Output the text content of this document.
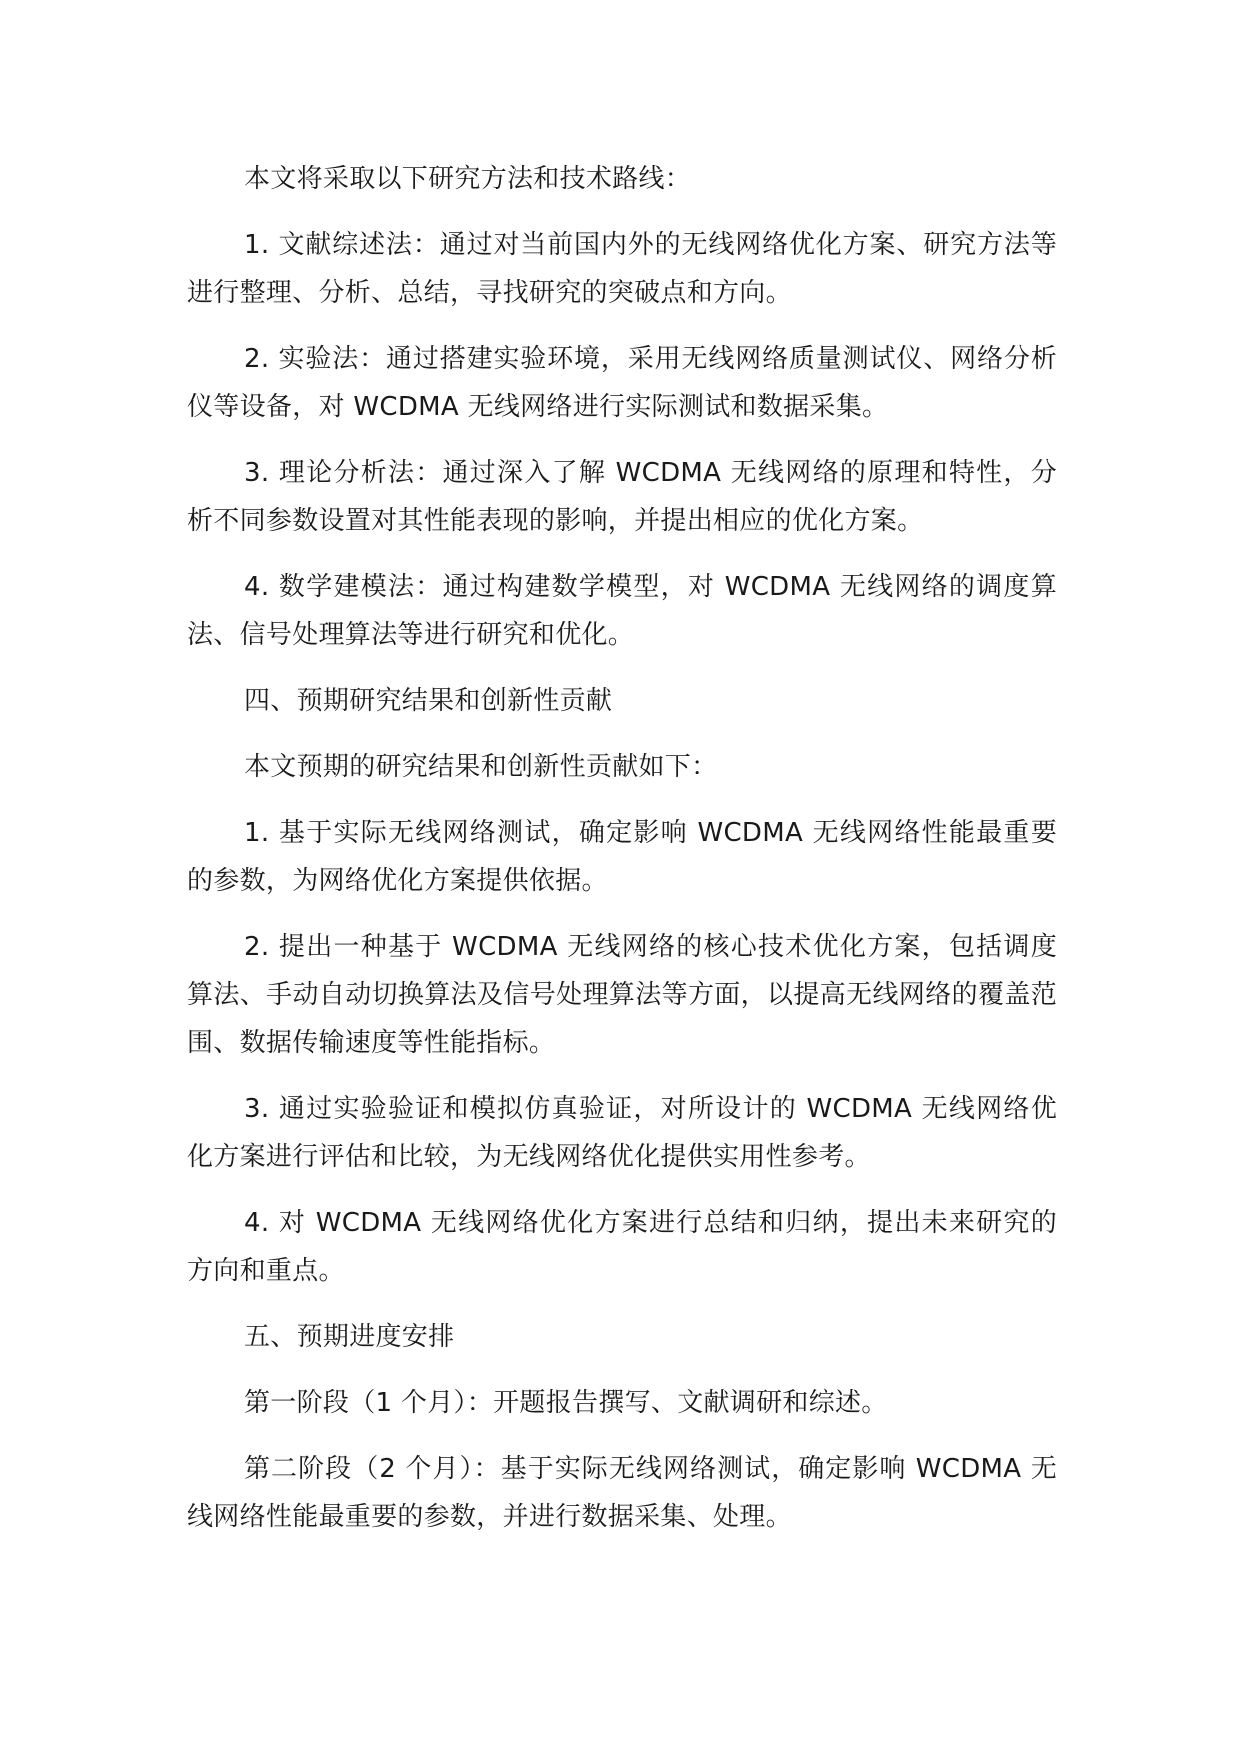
本文将采取以下研究方法和技术路线：

1. 文献综述法：通过对当前国内外的无线网络优化方案、研究方法等进行整理、分析、总结，寻找研究的突破点和方向。

2. 实验法：通过搭建实验环境，采用无线网络质量测试仪、网络分析仪等设备，对 WCDMA 无线网络进行实际测试和数据采集。

3. 理论分析法：通过深入了解 WCDMA 无线网络的原理和特性，分析不同参数设置对其性能表现的影响，并提出相应的优化方案。

4. 数学建模法：通过构建数学模型，对 WCDMA 无线网络的调度算法、信号处理算法等进行研究和优化。

四、预期研究结果和创新性贡献

本文预期的研究结果和创新性贡献如下：

1. 基于实际无线网络测试，确定影响 WCDMA 无线网络性能最重要的参数，为网络优化方案提供依据。

2. 提出一种基于 WCDMA 无线网络的核心技术优化方案，包括调度算法、手动自动切换算法及信号处理算法等方面，以提高无线网络的覆盖范围、数据传输速度等性能指标。

3. 通过实验验证和模拟仿真验证，对所设计的 WCDMA 无线网络优化方案进行评估和比较，为无线网络优化提供实用性参考。

4. 对 WCDMA 无线网络优化方案进行总结和归纳，提出未来研究的方向和重点。

五、预期进度安排

第一阶段（1 个月）：开题报告撰写、文献调研和综述。

第二阶段（2 个月）：基于实际无线网络测试，确定影响 WCDMA 无线网络性能最重要的参数，并进行数据采集、处理。
